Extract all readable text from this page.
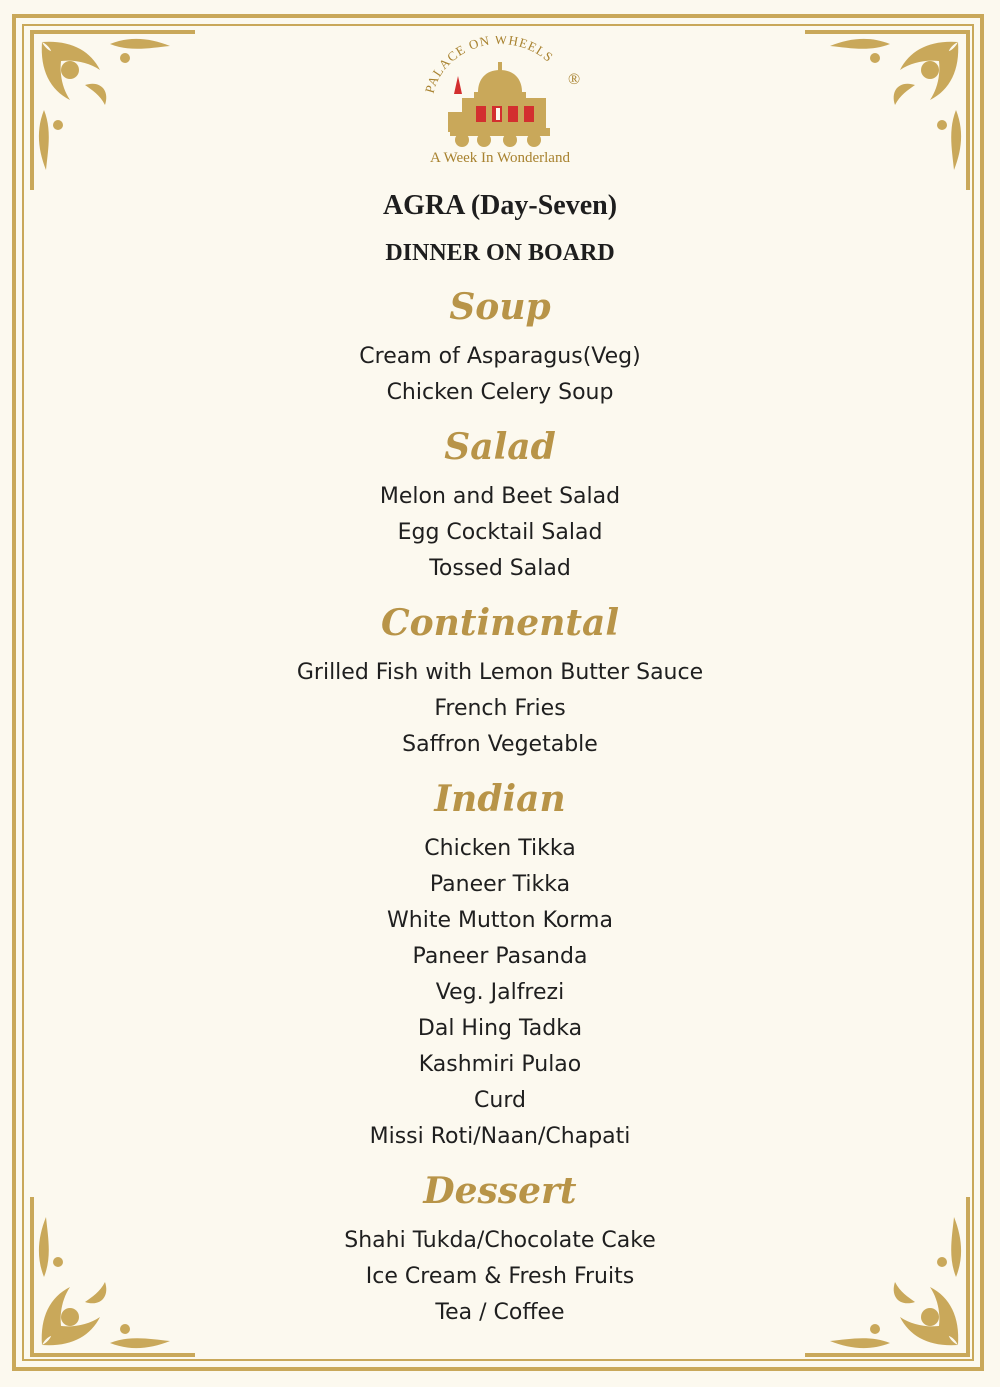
PALACE ON WHEELS
®
A Week In Wonderland
AGRA (Day-Seven)
DINNER ON BOARD
Soup
Cream of Asparagus(Veg)
Chicken Celery Soup
Salad
Melon and Beet Salad
Egg Cocktail Salad
Tossed Salad
Continental
Grilled Fish with Lemon Butter Sauce
French Fries
Saffron Vegetable
Indian
Chicken Tikka
Paneer Tikka
White Mutton Korma
Paneer Pasanda
Veg. Jalfrezi
Dal Hing Tadka
Kashmiri Pulao
Curd
Missi Roti/Naan/Chapati
Dessert
Shahi Tukda/Chocolate Cake
Ice Cream & Fresh Fruits
Tea / Coffee
